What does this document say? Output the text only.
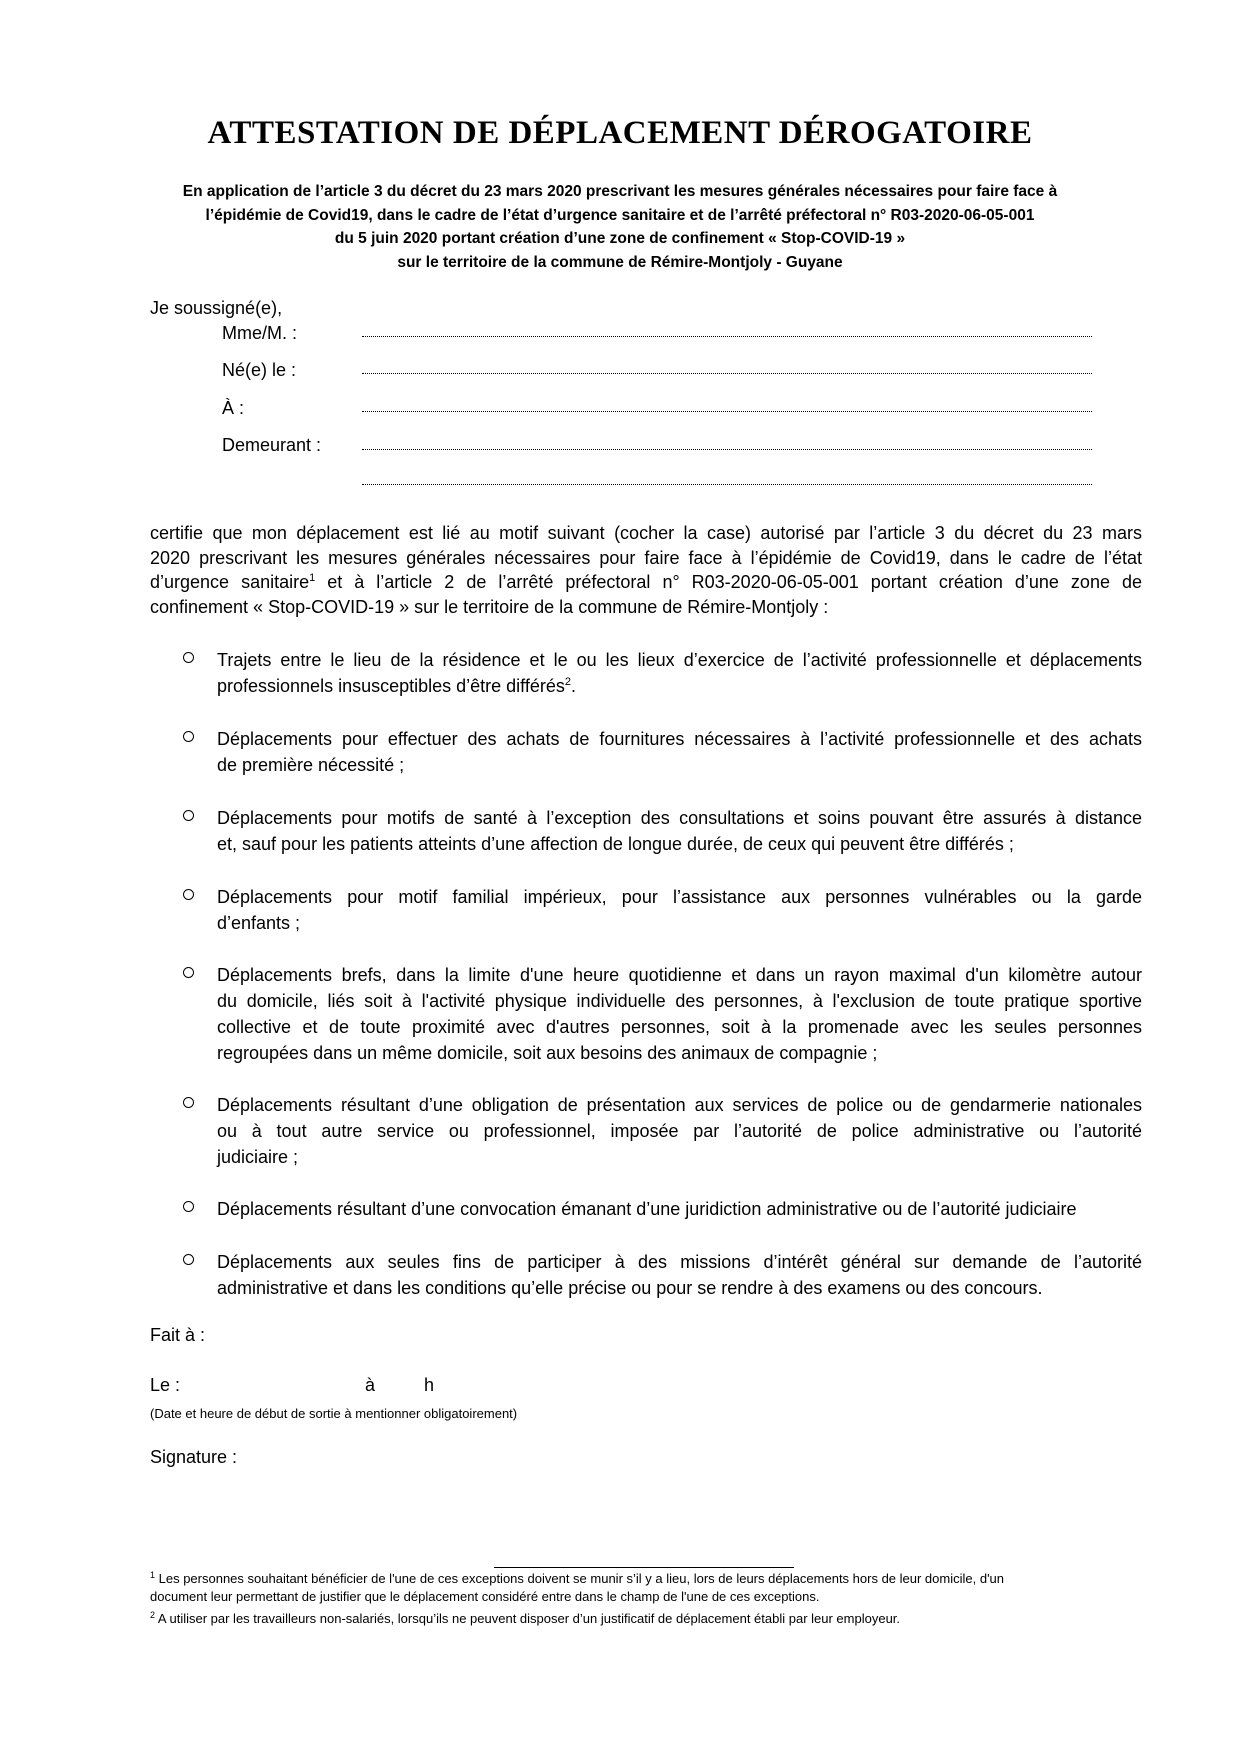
ATTESTATION DE DÉPLACEMENT DÉROGATOIRE
En application de l’article 3 du décret du 23 mars 2020 prescrivant les mesures générales nécessaires pour faire face à
l’épidémie de Covid19, dans le cadre de l’état d’urgence sanitaire et de l’arrêté préfectoral n° R03-2020-06-05-001
du 5 juin 2020 portant création d’une zone de confinement « Stop-COVID-19 »
sur le territoire de la commune de Rémire-Montjoly - Guyane
Je soussigné(e),
Mme/M. :
Né(e) le :
À :
Demeurant :
certifie que mon déplacement est lié au motif suivant (cocher la case) autorisé par l’article 3 du décret du 23 mars
2020 prescrivant les mesures générales nécessaires pour faire face à l’épidémie de Covid19, dans le cadre de l’état
d’urgence sanitaire$^1$ et à l’article 2 de l’arrêté préfectoral n° R03-2020-06-05-001 portant création d’une zone de
confinement « Stop-COVID-19 » sur le territoire de la commune de Rémire-Montjoly :
Trajets entre le lieu de la résidence et le ou les lieux d’exercice de l’activité professionnelle et déplacements
professionnels insusceptibles d’être différés$^2$.
Déplacements pour effectuer des achats de fournitures nécessaires à l’activité professionnelle et des achats
de première nécessité ;
Déplacements pour motifs de santé à l’exception des consultations et soins pouvant être assurés à distance
et, sauf pour les patients atteints d’une affection de longue durée, de ceux qui peuvent être différés ;
Déplacements pour motif familial impérieux, pour l’assistance aux personnes vulnérables ou la garde
d’enfants ;
Déplacements brefs, dans la limite d'une heure quotidienne et dans un rayon maximal d'un kilomètre autour
du domicile, liés soit à l'activité physique individuelle des personnes, à l'exclusion de toute pratique sportive
collective et de toute proximité avec d'autres personnes, soit à la promenade avec les seules personnes
regroupées dans un même domicile, soit aux besoins des animaux de compagnie ;
Déplacements résultant d’une obligation de présentation aux services de police ou de gendarmerie nationales
ou à tout autre service ou professionnel, imposée par l’autorité de police administrative ou l’autorité
judiciaire ;
Déplacements résultant d’une convocation émanant d’une juridiction administrative ou de l’autorité judiciaire
Déplacements aux seules fins de participer à des missions d’intérêt général sur demande de l’autorité
administrative et dans les conditions qu’elle précise ou pour se rendre à des examens ou des concours.
Fait à :
Le :	à	h
(Date et heure de début de sortie à mentionner obligatoirement)
Signature :
$^1$ Les personnes souhaitant bénéficier de l'une de ces exceptions doivent se munir s’il y a lieu, lors de leurs déplacements hors de leur domicile, d'un
document leur permettant de justifier que le déplacement considéré entre dans le champ de l'une de ces exceptions.
$^2$ A utiliser par les travailleurs non-salariés, lorsqu’ils ne peuvent disposer d’un justificatif de déplacement établi par leur employeur.
